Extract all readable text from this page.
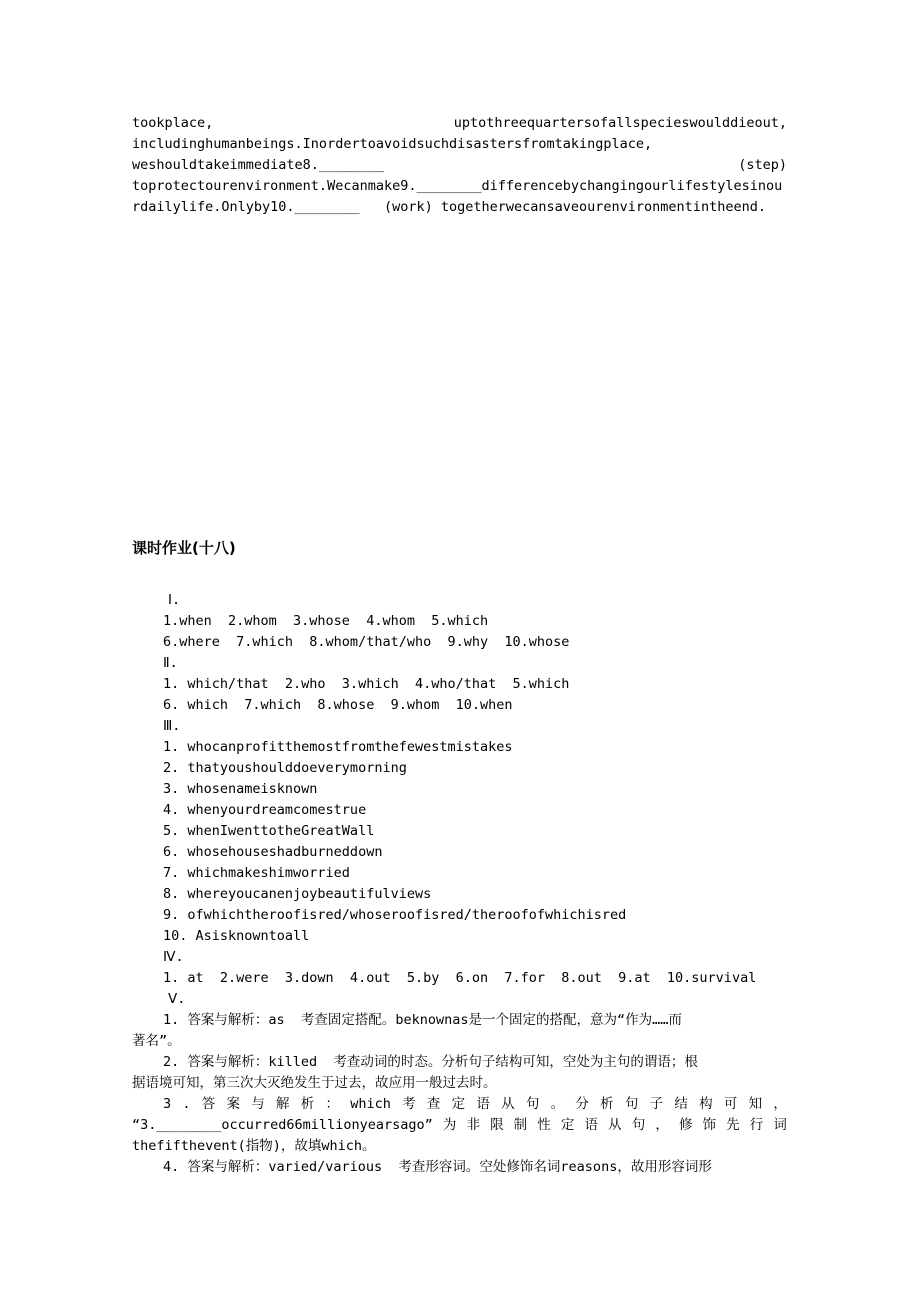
tookplace,	uptothreequartersofallspecieswoulddieout,
includinghumanbeings.Inordertoavoidsuchdisastersfromtakingplace,
weshouldtakeimmediate8.________	(step)
toprotectourenvironment.Wecanmake9.________differencebychangingourlifestylesinou
rdailylife.Onlyby10.________   (work) togetherwecansaveourenvironmentintheend.
课时作业(十八)
Ⅰ.
1.when  2.whom  3.whose  4.whom  5.which
6.where  7.which  8.whom/that/who  9.why  10.whose
Ⅱ.
1. which/that  2.who  3.which  4.who/that  5.which
6. which  7.which  8.whose  9.whom  10.when
Ⅲ.
1. whocanprofitthemostfromthefewestmistakes
2. thatyoushoulddoeverymorning
3. whosenameisknown
4. whenyourdreamcomestrue
5. whenIwenttotheGreatWall
6. whosehouseshadburneddown
7. whichmakeshimworried
8. whereyoucanenjoybeautifulviews
9. ofwhichtheroofisred/whoseroofisred/theroofofwhichisred
10. Asisknowntoall
Ⅳ.
1. at  2.were  3.down  4.out  5.by  6.on  7.for  8.out  9.at  10.survival
Ⅴ.
1. 答案与解析：as  考查固定搭配。beknownas是一个固定的搭配，意为“作为……而
著名”。
2. 答案与解析：killed  考查动词的时态。分析句子结构可知，空处为主句的谓语；根
据语境可知，第三次大灭绝发生于过去，故应用一般过去时。
3 . 答 案 与 解 析 ： which 考 查 定 语 从 句 。 分 析 句 子 结 构 可 知 ，
“3.________occurred66millionyearsago” 为 非 限 制 性 定 语 从 句 ， 修 饰 先 行 词
thefifthevent(指物)，故填which。
4. 答案与解析：varied/various  考查形容词。空处修饰名词reasons，故用形容词形
